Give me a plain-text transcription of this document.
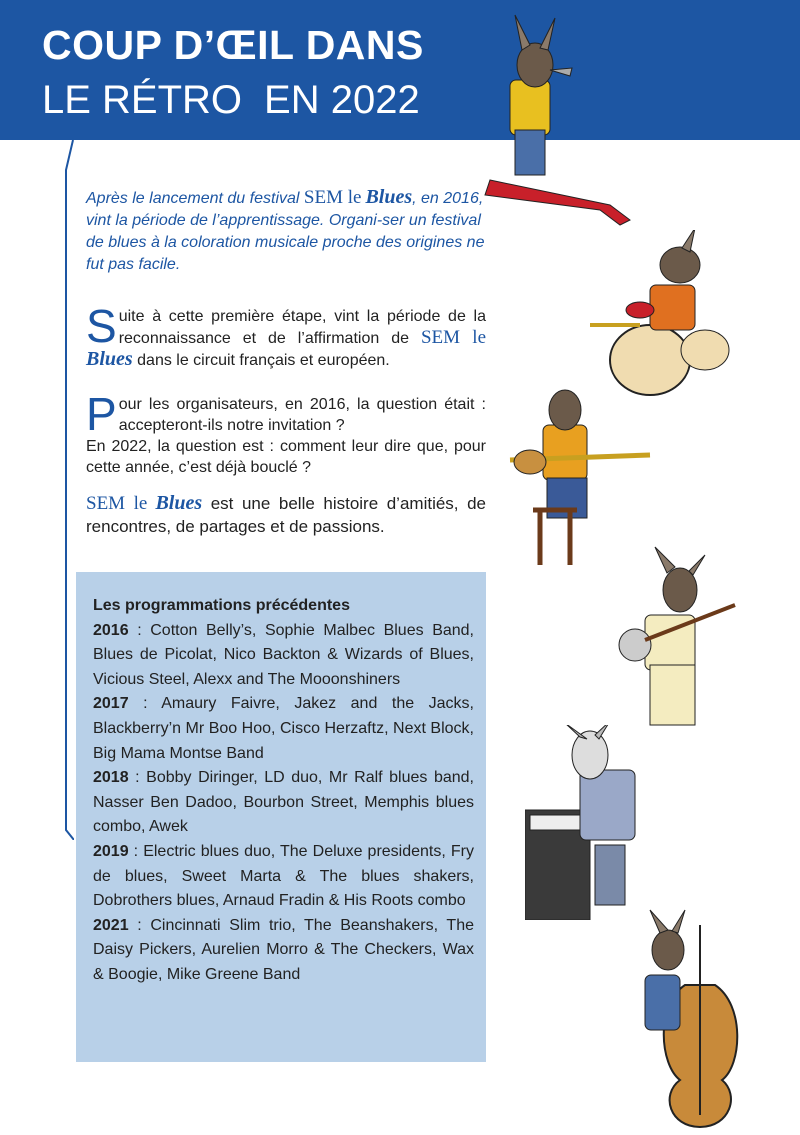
COUP D’ŒIL DANS
LE RÉTRO EN 2022
Après le lancement du festival SEM le Blues, en 2016, vint la période de l’apprentissage. Organi-ser un festival de blues à la coloration musicale proche des origines ne fut pas facile.
Suite à cette première étape, vint la période de la reconnaissance et de l’affirmation de SEM le Blues dans le circuit français et européen.
Pour les organisateurs, en 2016, la question était : accepteront-ils notre invitation ?
En 2022, la question est : comment leur dire que, pour cette année, c’est déjà bouclé ?
SEM le Blues est une belle histoire d’amitiés, de rencontres, de partages et de passions.
Les programmations précédentes
2016 : Cotton Belly’s, Sophie Malbec Blues Band, Blues de Picolat, Nico Backton & Wizards of Blues, Vicious Steel, Alexx and The Mooonshiners
2017 : Amaury Faivre, Jakez and the Jacks, Blackberry’n Mr Boo Hoo, Cisco Herzaftz, Next Block, Big Mama Montse Band
2018 : Bobby Diringer, LD duo, Mr Ralf blues band, Nasser Ben Dadoo, Bourbon Street, Memphis blues combo, Awek
2019 : Electric blues duo, The Deluxe presidents, Fry de blues, Sweet Marta & The blues shakers, Dobrothers blues, Arnaud Fradin & His Roots combo
2021 : Cincinnati Slim trio, The Beanshakers, The Daisy Pickers, Aurelien Morro & The Checkers, Wax & Boogie, Mike Greene Band
